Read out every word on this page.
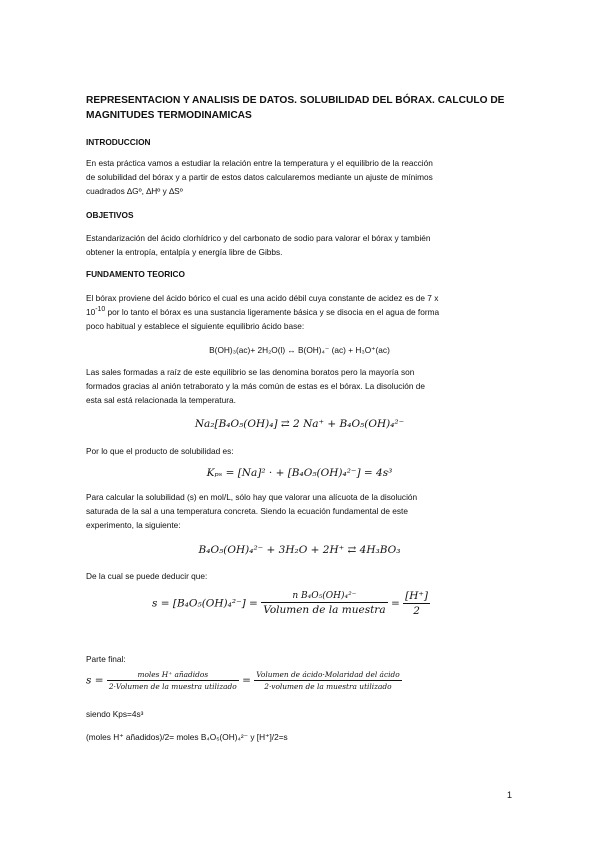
REPRESENTACION Y ANALISIS DE DATOS. SOLUBILIDAD DEL BÓRAX. CALCULO DE
MAGNITUDES TERMODINAMICAS
INTRODUCCION
En esta práctica vamos a estudiar la relación entre la temperatura y el equilibrio de la reacción
de solubilidad del bórax y a partir de estos datos calcularemos mediante un ajuste de mínimos
cuadrados ∆Gº, ∆Hº y ∆Sº
OBJETIVOS
Estandarización del ácido clorhídrico y del carbonato de sodio para valorar el bórax y también
obtener la entropía, entalpía y energía libre de Gibbs.
FUNDAMENTO TEORICO
El bórax proviene del ácido bórico el cual es una acido débil cuya constante de acidez es de 7 x
$10^{-10}$ por lo tanto el bórax es una sustancia ligeramente básica y se disocia en el agua de forma
poco habitual y establece el siguiente equilibrio ácido base:
B(OH)₃(ac)+ 2H₂O(l) ↔ B(OH)₄⁻ (ac) + H₃O⁺(ac)
Las sales formadas a raíz de este equilibrio se las denomina boratos pero la mayoría son
formados gracias al anión tetraborato y la más común de estas es el bórax. La disolución de
esta sal está relacionada la temperatura.
Na₂[B₄O₅(OH)₄] ⇄ 2 Na⁺ + B₄O₅(OH)₄²⁻
Por lo que el producto de solubilidad es:
Kₚₛ = [Na]² · + [B₄O₅(OH)₄²⁻] = 4s³
Para calcular la solubilidad (s) en mol/L, sólo hay que valorar una alícuota de la disolución
saturada de la sal a una temperatura concreta. Siendo la ecuación fundamental de este
experimento, la siguiente:
B₄O₅(OH)₄²⁻ + 3H₂O + 2H⁺ ⇄ 4H₃BO₃
De la cual se puede deducir que:
$s = [B_4O_5(OH)_4^{2-}] = \frac{\text{n B₄O₅(OH)₄²⁻}}{\text{Volumen de la muestra}} = \frac{[H^+]}{2}$
Parte final:
$s = \frac{\text{moles H⁺ añadidos}}{\text{2·Volumen de la muestra utilizado}} = \frac{\text{Volumen de ácido·Molaridad del ácido}}{\text{2·volumen de la muestra utilizado}}$
siendo Kps=4s³
(moles H⁺ añadidos)/2= moles B₄O₅(OH)₄²⁻ y [H⁺]/2=s
1
